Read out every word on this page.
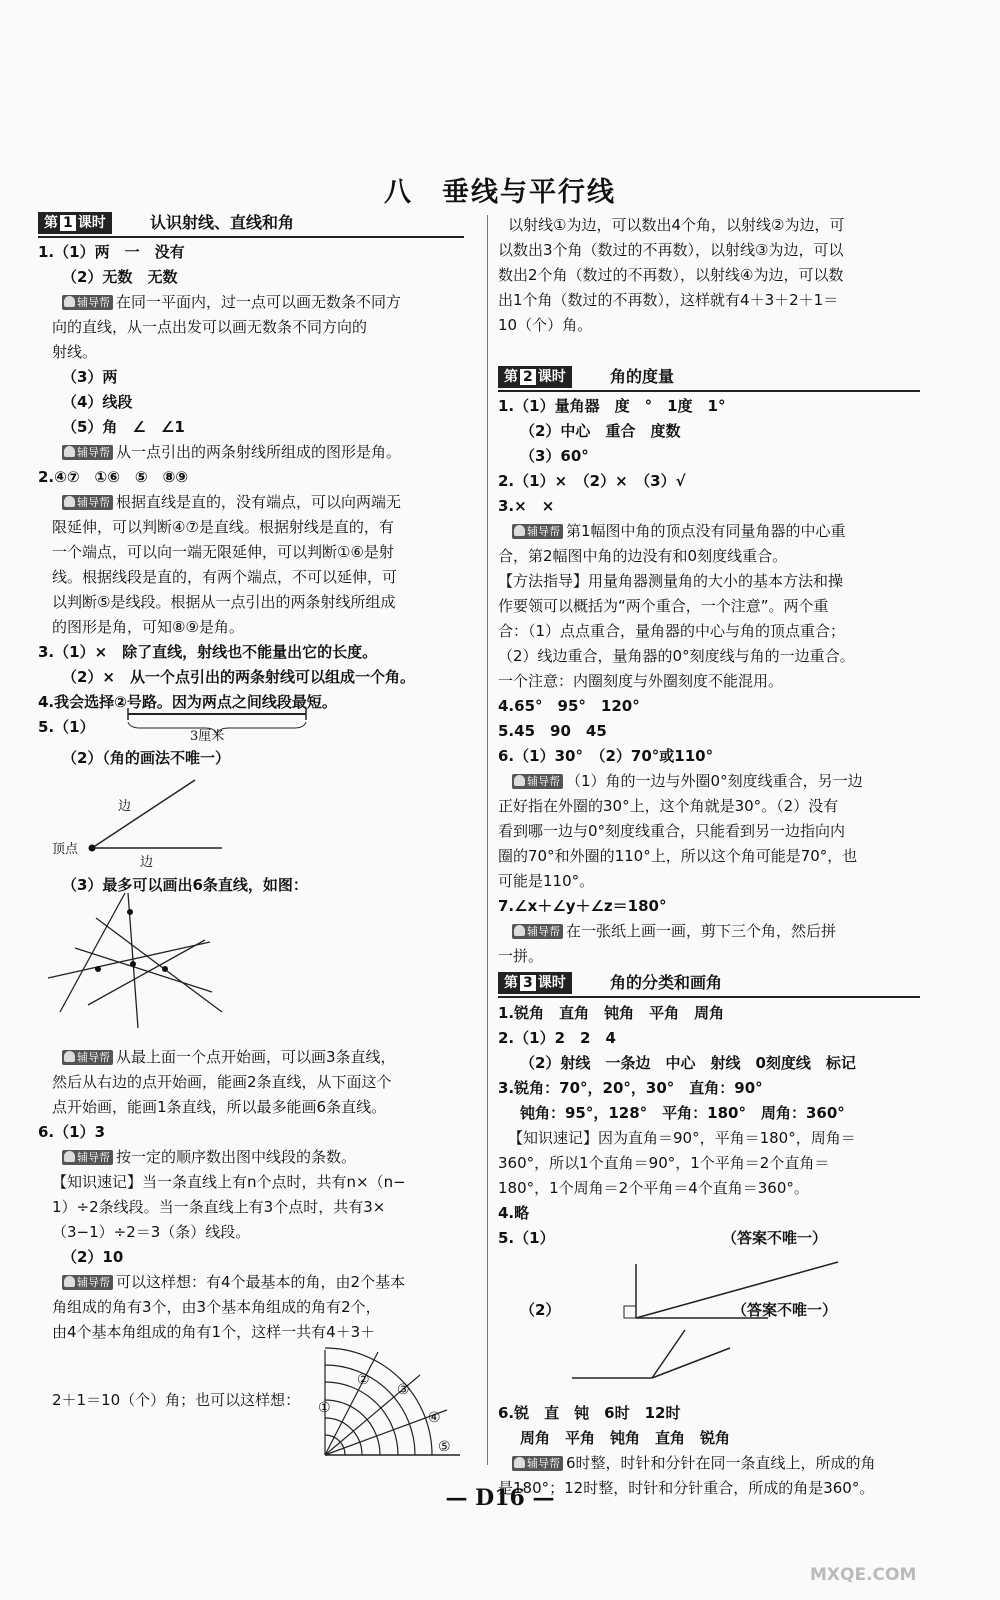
八　垂线与平行线
第 1 课时	认识射线、直线和角
1.（1）两　一　没有
（2）无数　无数
辅导帮 在同一平面内，过一点可以画无数条不同方
向的直线，从一点出发可以画无数条不同方向的
射线。
（3）两
（4）线段
（5）角　∠　∠1
辅导帮 从一点引出的两条射线所组成的图形是角。
2.④⑦　①⑥　⑤　⑧⑨
辅导帮 根据直线是直的，没有端点，可以向两端无
限延伸，可以判断④⑦是直线。根据射线是直的，有
一个端点，可以向一端无限延伸，可以判断①⑥是射
线。根据线段是直的，有两个端点，不可以延伸，可
以判断⑤是线段。根据从一点引出的两条射线所组成
的图形是角，可知⑧⑨是角。
3.（1）×　除了直线，射线也不能量出它的长度。
（2）×　从一个点引出的两条射线可以组成一个角。
4.我会选择②号路。因为两点之间线段最短。
5.（1）
3厘米
（2）（角的画法不唯一）
边
顶点
边
（3）最多可以画出6条直线，如图：
辅导帮 从最上面一个点开始画，可以画3条直线，
然后从右边的点开始画，能画2条直线，从下面这个
点开始画，能画1条直线，所以最多能画6条直线。
6.（1）3
辅导帮 按一定的顺序数出图中线段的条数。
【知识速记】当一条直线上有n个点时，共有n×（n−
1）÷2条线段。当一条直线上有3个点时，共有3×
（3−1）÷2＝3（条）线段。
（2）10
辅导帮 可以这样想：有4个最基本的角，由2个基本
角组成的角有3个，由3个基本角组成的角有2个，
由4个基本角组成的角有1个，这样一共有4＋3＋
2＋1＝10（个）角；也可以这样想： ①
②
③
④
⑤
以射线①为边，可以数出4个角，以射线②为边，可
以数出3个角（数过的不再数），以射线③为边，可以
数出2个角（数过的不再数），以射线④为边，可以数
出1个角（数过的不再数），这样就有4＋3＋2＋1＝
10（个）角。
第 2 课时	角的度量
1.（1）量角器　度　°　1度　1°
（2）中心　重合　度数
（3）60°
2.（1）×　（2）×　（3）√
3.×　×
辅导帮 第1幅图中角的顶点没有同量角器的中心重
合，第2幅图中角的边没有和0刻度线重合。
【方法指导】用量角器测量角的大小的基本方法和操
作要领可以概括为“两个重合，一个注意”。两个重
合：（1）点点重合，量角器的中心与角的顶点重合；
（2）线边重合，量角器的0°刻度线与角的一边重合。
一个注意：内圈刻度与外圈刻度不能混用。
4.65°　95°　120°
5.45　90　45
6.（1）30°　（2）70°或110°
辅导帮 （1）角的一边与外圈0°刻度线重合，另一边
正好指在外圈的30°上，这个角就是30°。（2）没有
看到哪一边与0°刻度线重合，只能看到另一边指向内
圈的70°和外圈的110°上，所以这个角可能是70°，也
可能是110°。
7.∠x＋∠y＋∠z＝180°
辅导帮 在一张纸上画一画，剪下三个角，然后拼
一拼。
第 3 课时	角的分类和画角
1.锐角　直角　钝角　平角　周角
2.（1）2　2　4
（2）射线　一条边　中心　射线　0刻度线　标记
3.锐角：70°，20°，30°　直角：90°
钝角：95°，128°　平角：180°　周角：360°
【知识速记】因为直角＝90°，平角＝180°，周角＝
360°，所以1个直角＝90°，1个平角＝2个直角＝
180°，1个周角＝2个平角＝4个直角＝360°。
4.略
5.（1）	（答案不唯一）
（2）	（答案不唯一）
6.锐　直　钝　6时　12时
周角　平角　钝角　直角　锐角
辅导帮 6时整，时针和分针在同一条直线上，所成的角
是180°；12时整，时针和分针重合，所成的角是360°。
— D16 —
MXQE.COM
